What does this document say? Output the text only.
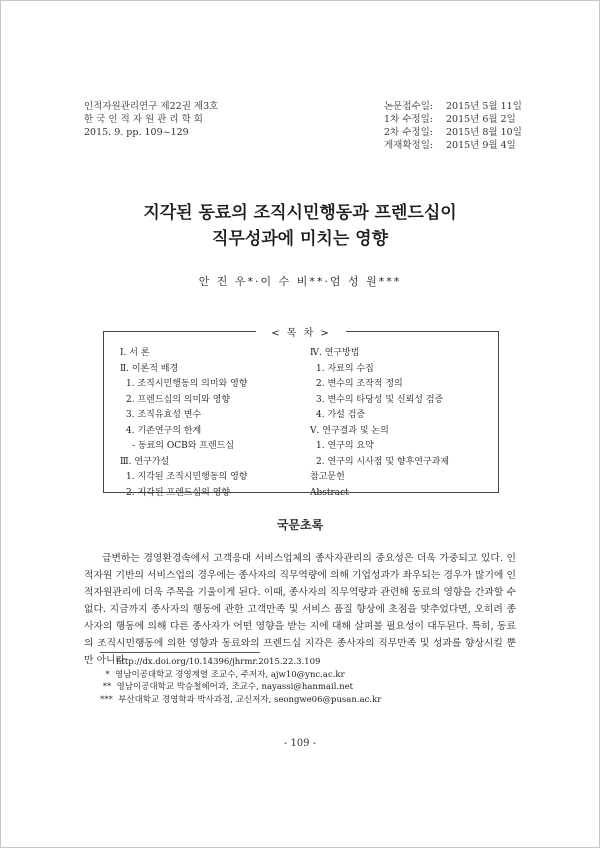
인적자원관리연구 제22권 제3호
한 국 인 적 자 원 관 리 학 회
2015. 9. pp. 109~129
논문접수일:	2015년 5월 11일
1차 수정일:	2015년 6월 2일
2차 수정일:	2015년 8월 10일
게재확정일:	2015년 9월 4일
지각된 동료의 조직시민행동과 프렌드십이
직무성과에 미치는 영향
안 진 우*·이 수 비**·엄 성 원***
< 목 차 >
Ⅰ. 서 론
Ⅱ. 이론적 배경
1. 조직시민행동의 의미와 영향
2. 프렌드십의 의미와 영향
3. 조직유효성 변수
4. 기존연구의 한계
- 동료의 OCB와 프렌드십
Ⅲ. 연구가설
1. 지각된 조직시민행동의 영향
2. 지각된 프렌드십의 영향
Ⅳ. 연구방법
1. 자료의 수집
2. 변수의 조작적 정의
3. 변수의 타당성 및 신뢰성 검증
4. 가설 검증
Ⅴ. 연구결과 및 논의
1. 연구의 요약
2. 연구의 시사점 및 향후연구과제
참고문헌
Abstract
국문초록
급변하는 경영환경속에서 고객응대 서비스업체의 종사자관리의 중요성은 더욱 가중되고 있다. 인적자원 기반의 서비스업의 경우에는 종사자의 직무역량에 의해 기업성과가 좌우되는 경우가 많기에 인적자원관리에 더욱 주목을 기울이게 된다. 이때, 종사자의 직무역량과 관련해 동료의 영향을 간과할 수 없다. 지금까지 종사자의 행동에 관한 고객만족 및 서비스 품질 향상에 초점을 맞추었다면, 오히려 종사자의 행동에 의해 다른 종사자가 어떤 영향을 받는 지에 대해 살펴볼 필요성이 대두된다. 특히, 동료의 조직시민행동에 의한 영향과 동료와의 프렌드십 지각은 종사자의 직무만족 및 성과를 향상시킬 뿐만 아니라
http://dx.doi.org/10.14396/jhrmr.2015.22.3.109
*  영남이공대학교 경영계열 조교수, 주저자, ajw10@ync.ac.kr
**  영남이공대학교 박승철헤어과, 조교수, nayassi@hanmail.net
***  부산대학교 경영학과 박사과정, 교신저자, seongwe06@pusan.ac.kr
- 109 -
